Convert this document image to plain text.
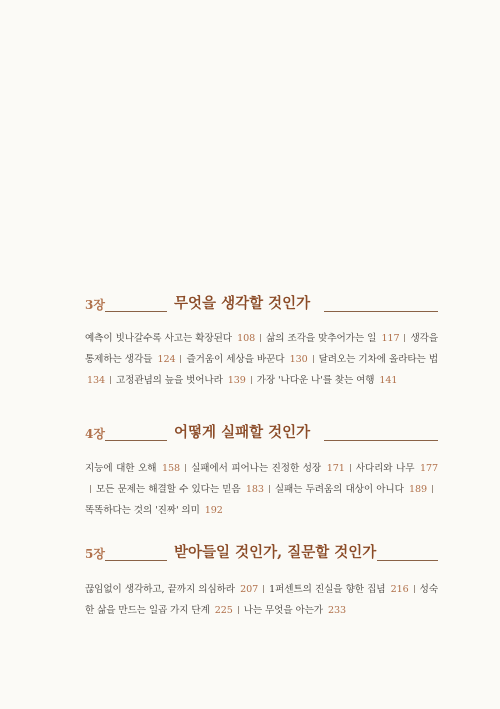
3장	무엇을 생각할 것인가
예측이 빗나갈수록 사고는 확장된다 108 삶의 조각을 맞추어가는 일 117 생각을 통제하는 생각들 124 즐거움이 세상을 바꾼다 130 달려오는 기차에 올라타는 법 134 고정관념의 늪을 벗어나라 139 가장 '나다운 나'를 찾는 여행 141
4장	어떻게 실패할 것인가
지능에 대한 오해 158 실패에서 피어나는 진정한 성장 171 사다리와 나무 177모든 문제는 해결할 수 있다는 믿음 183 실패는 두려움의 대상이 아니다 189똑똑하다는 것의 '진짜' 의미 192
5장	받아들일 것인가, 질문할 것인가
끊임없이 생각하고, 끝까지 의심하라 207 1퍼센트의 진실을 향한 집념 216 성숙한 삶을 만드는 일곱 가지 단계 225 나는 무엇을 아는가 233
